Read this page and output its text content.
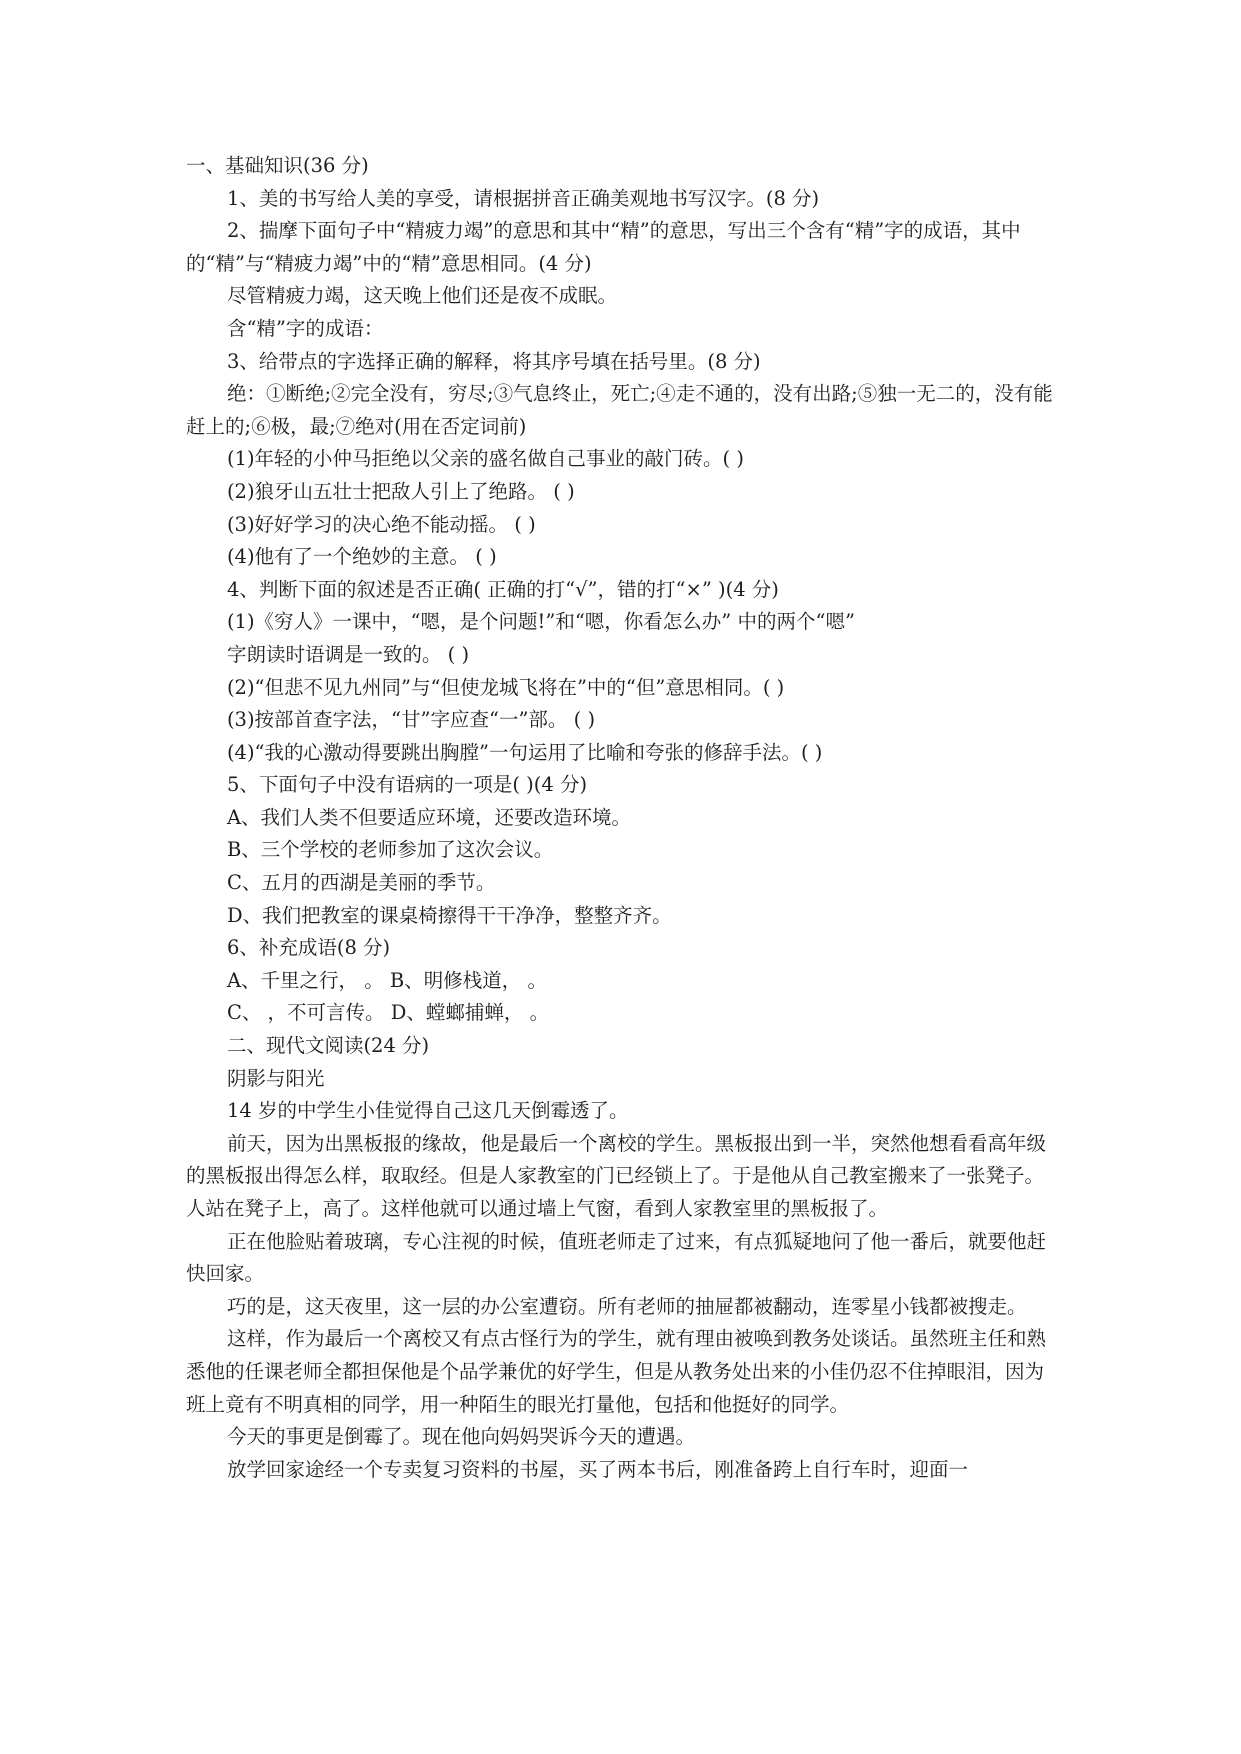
一、基础知识(36 分)

1、美的书写给人美的享受，请根据拼音正确美观地书写汉字。(8 分)

2、揣摩下面句子中“精疲力竭”的意思和其中“精”的意思，写出三个含有“精”字的成语，其中的“精”与“精疲力竭”中的“精”意思相同。(4 分)

尽管精疲力竭，这天晚上他们还是夜不成眠。

含“精”字的成语：

3、给带点的字选择正确的解释，将其序号填在括号里。(8 分)

绝：①断绝;②完全没有，穷尽;③气息终止，死亡;④走不通的，没有出路;⑤独一无二的，没有能赶上的;⑥极，最;⑦绝对(用在否定词前)

(1)年轻的小仲马拒绝以父亲的盛名做自己事业的敲门砖。( )

(2)狼牙山五壮士把敌人引上了绝路。 ( )

(3)好好学习的决心绝不能动摇。 ( )

(4)他有了一个绝妙的主意。 ( )

4、判断下面的叙述是否正确( 正确的打“√”，错的打“×” )(4 分)

(1)《穷人》一课中，“嗯，是个问题!”和“嗯，你看怎么办” 中的两个“嗯”

字朗读时语调是一致的。 ( )

(2)“但悲不见九州同”与“但使龙城飞将在”中的“但”意思相同。( )

(3)按部首查字法，“甘”字应查“一”部。 ( )

(4)“我的心激动得要跳出胸膛”一句运用了比喻和夸张的修辞手法。( )

5、下面句子中没有语病的一项是( )(4 分)

A、我们人类不但要适应环境，还要改造环境。

B、三个学校的老师参加了这次会议。

C、五月的西湖是美丽的季节。

D、我们把教室的课桌椅擦得干干净净，整整齐齐。

6、补充成语(8 分)

A、千里之行， 。 B、明修栈道， 。

C、 ，不可言传。 D、螳螂捕蝉， 。

二、现代文阅读(24 分)

阴影与阳光

14 岁的中学生小佳觉得自己这几天倒霉透了。

前天，因为出黑板报的缘故，他是最后一个离校的学生。黑板报出到一半，突然他想看看高年级的黑板报出得怎么样，取取经。但是人家教室的门已经锁上了。于是他从自己教室搬来了一张凳子。人站在凳子上，高了。这样他就可以通过墙上气窗，看到人家教室里的黑板报了。

正在他脸贴着玻璃，专心注视的时候，值班老师走了过来，有点狐疑地问了他一番后，就要他赶快回家。

巧的是，这天夜里，这一层的办公室遭窃。所有老师的抽屉都被翻动，连零星小钱都被搜走。

这样，作为最后一个离校又有点古怪行为的学生，就有理由被唤到教务处谈话。虽然班主任和熟悉他的任课老师全都担保他是个品学兼优的好学生，但是从教务处出来的小佳仍忍不住掉眼泪，因为班上竟有不明真相的同学，用一种陌生的眼光打量他，包括和他挺好的同学。

今天的事更是倒霉了。现在他向妈妈哭诉今天的遭遇。

放学回家途经一个专卖复习资料的书屋，买了两本书后，刚准备跨上自行车时，迎面一
